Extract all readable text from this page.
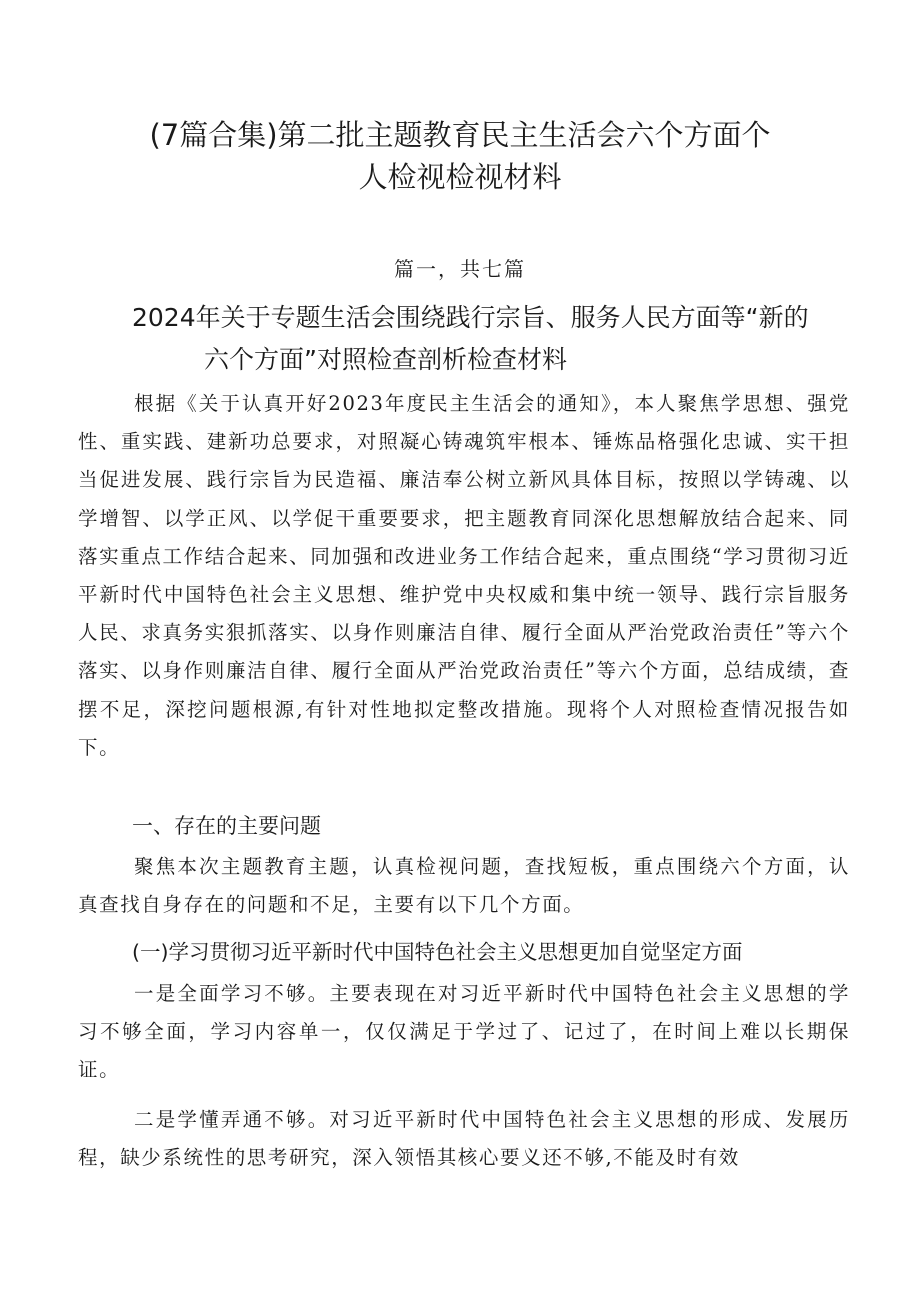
(7篇合集)第二批主题教育民主生活会六个方面个
人检视检视材料
篇一，共七篇
2024年关于专题生活会围绕践行宗旨、服务人民方面等“新的
六个方面”对照检查剖析检查材料

根据《关于认真开好2023年度民主生活会的通知》，本人聚焦学思想、强党性、重实践、建新功总要求，对照凝心铸魂筑牢根本、锤炼品格强化忠诚、实干担当促进发展、践行宗旨为民造福、廉洁奉公树立新风具体目标，按照以学铸魂、以学增智、以学正风、以学促干重要要求，把主题教育同深化思想解放结合起来、同落实重点工作结合起来、同加强和改进业务工作结合起来，重点围绕“学习贯彻习近平新时代中国特色社会主义思想、维护党中央权威和集中统一领导、践行宗旨服务人民、求真务实狠抓落实、以身作则廉洁自律、履行全面从严治党政治责任”等六个落实、以身作则廉洁自律、履行全面从严治党政治责任”等六个方面，总结成绩，查摆不足，深挖问题根源,有针对性地拟定整改措施。现将个人对照检查情况报告如下。

一、存在的主要问题

聚焦本次主题教育主题，认真检视问题，查找短板，重点围绕六个方面，认真查找自身存在的问题和不足，主要有以下几个方面。

(一)学习贯彻习近平新时代中国特色社会主义思想更加自觉坚定方面

一是全面学习不够。主要表现在对习近平新时代中国特色社会主义思想的学习不够全面，学习内容单一，仅仅满足于学过了、记过了，在时间上难以长期保证。

二是学懂弄通不够。对习近平新时代中国特色社会主义思想的形成、发展历程，缺少系统性的思考研究，深入领悟其核心要义还不够,不能及时有效
